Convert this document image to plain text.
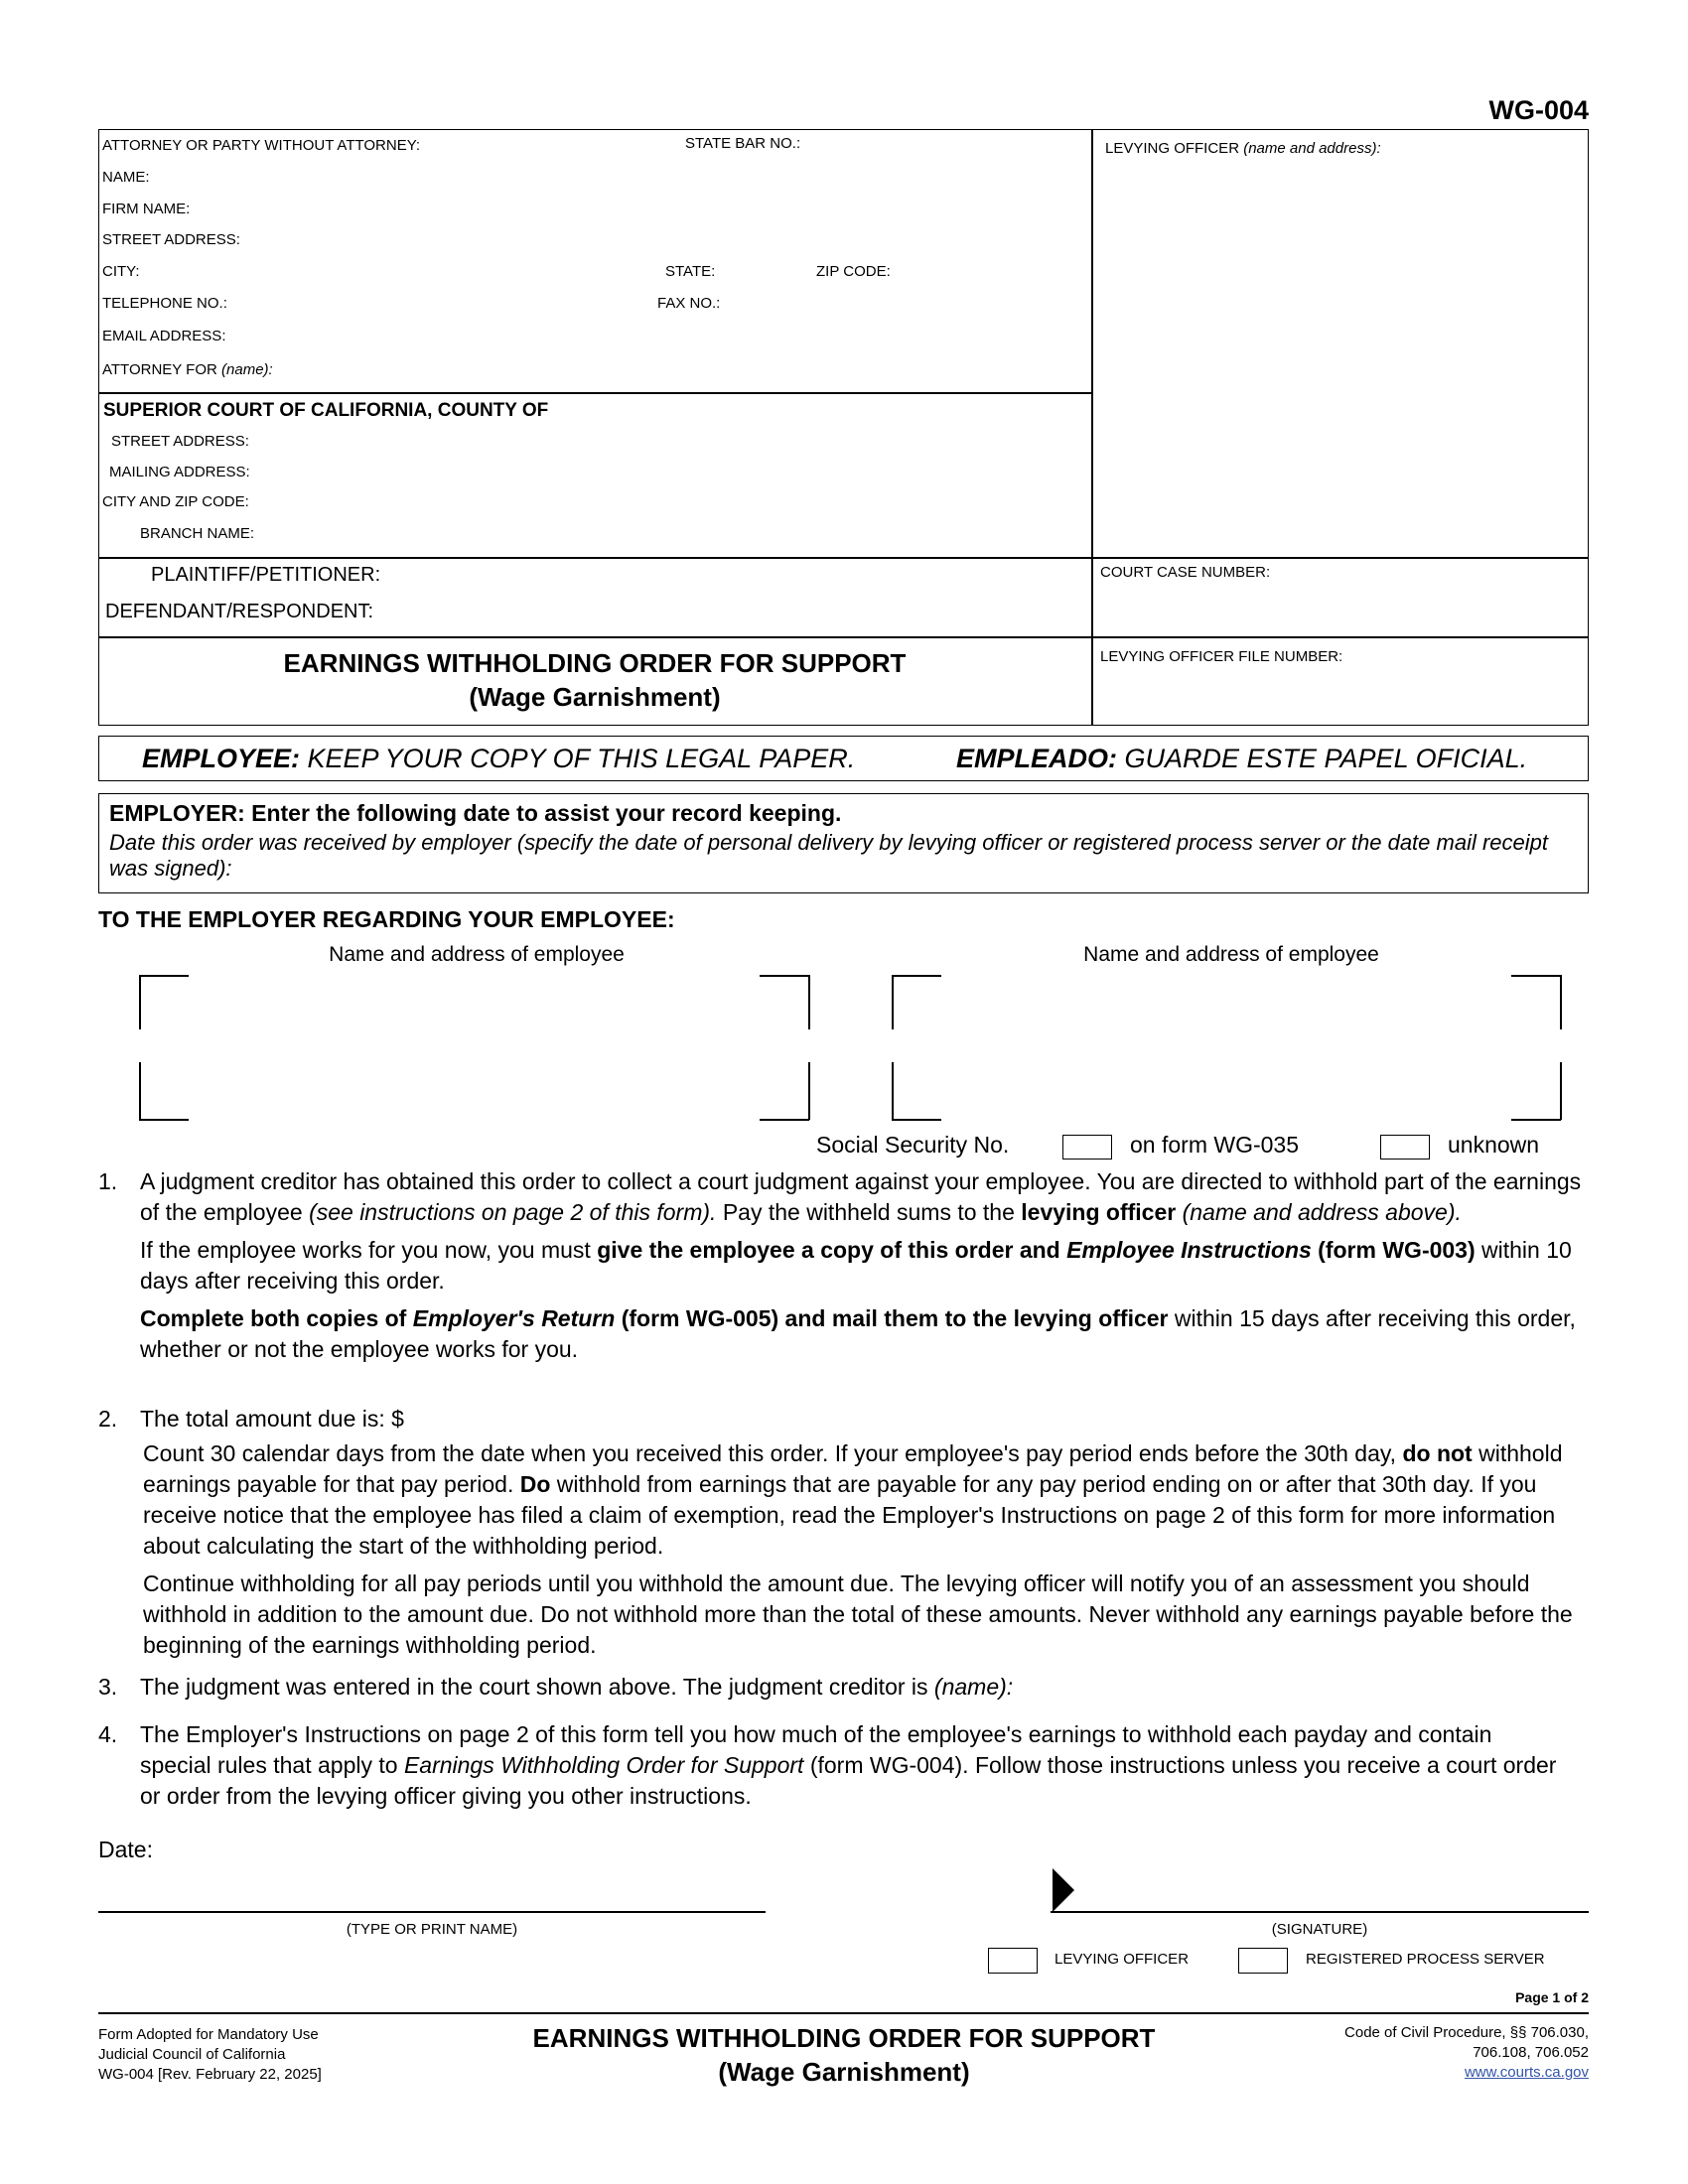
WG-004
ATTORNEY OR PARTY WITHOUT ATTORNEY:	STATE BAR NO.:
NAME:
FIRM NAME:
STREET ADDRESS:
CITY:	STATE:	ZIP CODE:
TELEPHONE NO.:	FAX NO.:
EMAIL ADDRESS:
ATTORNEY FOR (name):
LEVYING OFFICER (name and address):
SUPERIOR COURT OF CALIFORNIA, COUNTY OF
STREET ADDRESS:
MAILING ADDRESS:
CITY AND ZIP CODE:
BRANCH NAME:
PLAINTIFF/PETITIONER:
DEFENDANT/RESPONDENT:
COURT CASE NUMBER:
LEVYING OFFICER FILE NUMBER:
EARNINGS WITHHOLDING ORDER FOR SUPPORT
(Wage Garnishment)
EMPLOYEE: KEEP YOUR COPY OF THIS LEGAL PAPER.	EMPLEADO: GUARDE ESTE PAPEL OFICIAL.
EMPLOYER: Enter the following date to assist your record keeping.
Date this order was received by employer (specify the date of personal delivery by levying officer or registered process server or the date mail receipt was signed):
TO THE EMPLOYER REGARDING YOUR EMPLOYEE:
Name and address of employee	Name and address of employee
Social Security No.	on form WG-035	unknown
1. A judgment creditor has obtained this order to collect a court judgment against your employee. You are directed to withhold part of the earnings of the employee (see instructions on page 2 of this form). Pay the withheld sums to the levying officer (name and address above).

If the employee works for you now, you must give the employee a copy of this order and Employee Instructions (form WG-003) within 10 days after receiving this order.

Complete both copies of Employer's Return (form WG-005) and mail them to the levying officer within 15 days after receiving this order, whether or not the employee works for you.

2. The total amount due is: $

Count 30 calendar days from the date when you received this order. If your employee's pay period ends before the 30th day, do not withhold earnings payable for that pay period. Do withhold from earnings that are payable for any pay period ending on or after that 30th day. If you receive notice that the employee has filed a claim of exemption, read the Employer's Instructions on page 2 of this form for more information about calculating the start of the withholding period.

Continue withholding for all pay periods until you withhold the amount due. The levying officer will notify you of an assessment you should withhold in addition to the amount due. Do not withhold more than the total of these amounts. Never withhold any earnings payable before the beginning of the earnings withholding period.

3. The judgment was entered in the court shown above. The judgment creditor is (name):
4. The Employer's Instructions on page 2 of this form tell you how much of the employee's earnings to withhold each payday and contain special rules that apply to Earnings Withholding Order for Support (form WG-004). Follow those instructions unless you receive a court order or order from the levying officer giving you other instructions.

Date:
(TYPE OR PRINT NAME)	(SIGNATURE)
LEVYING OFFICER	REGISTERED PROCESS SERVER
Page 1 of 2
Form Adopted for Mandatory Use
Judicial Council of California
WG-004 [Rev. February 22, 2025]
EARNINGS WITHHOLDING ORDER FOR SUPPORT
(Wage Garnishment)
Code of Civil Procedure, §§ 706.030,
706.108, 706.052
www.courts.ca.gov
